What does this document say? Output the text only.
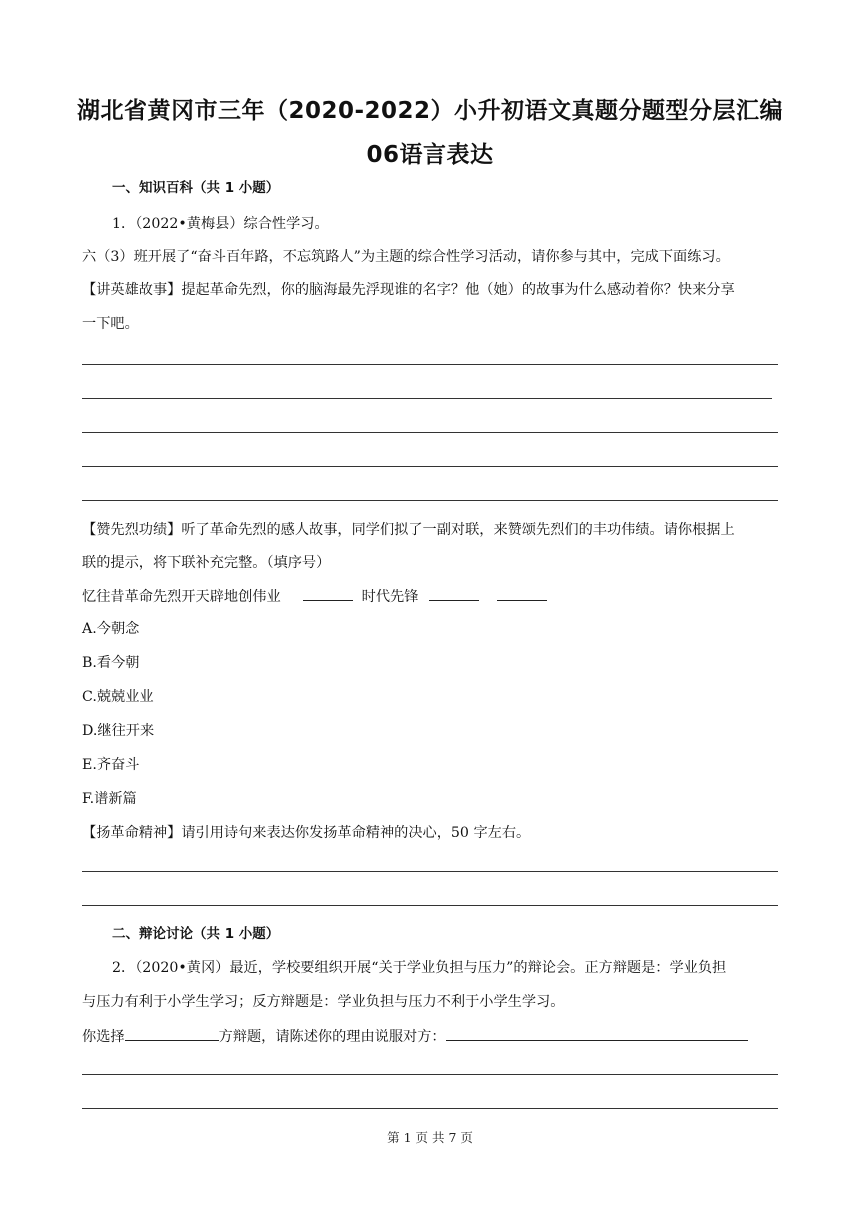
湖北省黄冈市三年（2020-2022）小升初语文真题分题型分层汇编
06语言表达
一、知识百科（共 1 小题）
1．（2022•黄梅县）综合性学习。
六（3）班开展了“奋斗百年路，不忘筑路人”为主题的综合性学习活动，请你参与其中，完成下面练习。
【讲英雄故事】提起革命先烈，你的脑海最先浮现谁的名字？他（她）的故事为什么感动着你？快来分享
一下吧。
【赞先烈功绩】听了革命先烈的感人故事，同学们拟了一副对联，来赞颂先烈们的丰功伟绩。请你根据上
联的提示，将下联补充完整。（填序号）
忆往昔革命先烈开天辟地创伟业	时代先锋
A.今朝念
B.看今朝
C.兢兢业业
D.继往开来
E.齐奋斗
F.谱新篇
【扬革命精神】请引用诗句来表达你发扬革命精神的决心，50 字左右。
二、辩论讨论（共 1 小题）
2．（2020•黄冈）最近，学校要组织开展“关于学业负担与压力”的辩论会。正方辩题是：学业负担
与压力有利于小学生学习；反方辩题是：学业负担与压力不利于小学生学习。
你选择	方辩题，请陈述你的理由说服对方：
第 1 页 共 7 页
